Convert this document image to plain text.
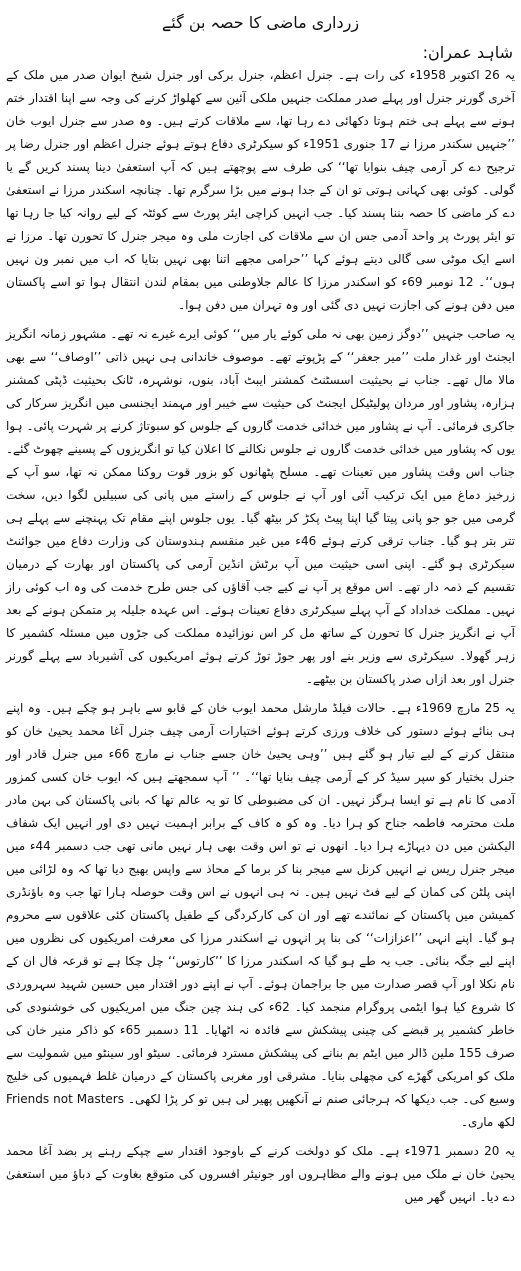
زرداری ماضی کا حصہ بن گئے
شاہد عمران:

یہ 26 اکتوبر 1958ء کی رات ہے۔ جنرل اعظم، جنرل برکی اور جنرل شیخ ایوان صدر میں ملک کے آخری گورنر جنرل اور پہلے صدر مملکت جنہیں ملکی آئین سے کھلواڑ کرنے کی وجہ سے اپنا اقتدار ختم ہونے سے پہلے ہی ختم ہوتا دکھائی دے رہا تھا، سے ملاقات کرتے ہیں۔ وہ صدر سے جنرل ایوب خان ’’جنہیں سکندر مرزا نے 17 جنوری 1951ء کو سیکرٹری دفاع ہوتے ہوئے جنرل اعظم اور جنرل رضا پر ترجیح دے کر آرمی چیف بنوایا تھا‘‘ کی طرف سے پوچھتے ہیں کہ آپ استعفیٰ دینا پسند کریں گے یا گولی۔ کوئی بھی کہانی ہوتی تو ان کے جدا ہونے میں بڑا سرگرم تھا۔ چنانچہ اسکندر مرزا نے استعفیٰ دے کر ماضی کا حصہ بننا پسند کیا۔ جب انہیں کراچی ایئر پورٹ سے کوئٹہ کے لیے روانہ کیا جا رہا تھا تو ایئر پورٹ پر واحد آدمی جس ان سے ملاقات کی اجازت ملی وہ میجر جنرل کا تحورن تھا۔ مرزا نے اسے ایک موٹی سی گالی دیتے ہوئے کہا ’’حرامی مجھے اتنا بھی نہیں بتایا کہ اب میں نمبر ون نہیں ہوں‘‘۔ 12 نومبر 69ء کو اسکندر مرزا کا عالم جلاوطنی میں بمقام لندن انتقال ہوا تو اسے پاکستان میں دفن ہونے کی اجازت نہیں دی گئی اور وہ تہران میں دفن ہوا۔

یہ صاحب جنہیں ’’دوگز زمین بھی نہ ملی کوئے یار میں‘‘ کوئی ایرے غیرے نہ تھے۔ مشہور زمانہ انگریز ایجنٹ اور غدار ملت ’’میر جعفر‘‘ کے پڑپوتے تھے۔ موصوف خاندانی ہی نہیں ذاتی ’’اوصاف‘‘ سے بھی مالا مال تھے۔ جناب نے بحیثیت اسسٹنٹ کمشنر ایبٹ آباد، بنوں، نوشہرہ، ٹانک بحیثیت ڈپٹی کمشنر ہزارہ، پشاور اور مردان پولیٹیکل ایجنٹ کی حیثیت سے خیبر اور مہمند ایجنسی میں انگریز سرکار کی جاکری فرمائی۔ آپ نے پشاور میں خدائی خدمت گاروں کے جلوس کو سبوتاژ کرنے پر شہرت پائی۔ ہوا یوں کہ پشاور میں خدائی خدمت گاروں نے جلوس نکالنے کا اعلان کیا تو انگریزوں کے پسینے چھوٹ گئے۔ جناب اس وقت پشاور میں تعینات تھے۔ مسلح پٹھانوں کو بزور قوت روکنا ممکن نہ تھا، سو آپ کے زرخیز دماغ میں ایک ترکیب آئی اور آپ نے جلوس کے راستے میں پانی کی سبیلیں لگوا دیں، سخت گرمی میں جو جو پانی پیتا گیا اپنا پیٹ پکڑ کر بیٹھ گیا۔ یوں جلوس اپنے مقام تک پہنچنے سے پہلے ہی تتر بتر ہو گیا۔ جناب ترقی کرتے ہوئے 46ء میں غیر منقسم ہندوستان کی وزارت دفاع میں جوائنٹ سیکرٹری ہو گئے۔ اپنی اسی حیثیت میں آپ برٹش انڈین آرمی کی پاکستان اور بھارت کے درمیان تقسیم کے ذمہ دار تھے۔ اس موقع پر آپ نے کیے جب آقاؤں کی جس طرح خدمت کی وہ اب کوئی راز نہیں۔ مملکت خداداد کے آپ پہلے سیکرٹری دفاع تعینات ہوئے۔ اس عہدہ جلیلہ پر متمکن ہونے کے بعد آپ نے انگریز جنرل کا تحورن کے ساتھ مل کر اس نوزائیدہ مملکت کی جڑوں میں مسئلہ کشمیر کا زہر گھولا۔ سیکرٹری سے وزیر بنے اور پھر جوڑ توڑ کرتے ہوئے امریکیوں کی آشیرباد سے پہلے گورنر جنرل اور بعد ازاں صدر پاکستان بن بیٹھے۔

یہ 25 مارچ 1969ء ہے۔ حالات فیلڈ مارشل محمد ایوب خان کے قابو سے باہر ہو چکے ہیں۔ وہ اپنے ہی بنائے ہوئے دستور کی خلاف ورزی کرتے ہوئے اختیارات آرمی چیف جنرل آغا محمد یحییٰ خان کو منتقل کرنے کے لیے تیار ہو گئے ہیں ’’وہی یحییٰ خان جسے جناب نے مارچ 66ء میں جنرل قادر اور جنرل بختیار کو سپر سیڈ کر کے آرمی چیف بنایا تھا‘‘۔ ’’ آپ سمجھتے ہیں کہ ایوب خان کسی کمزور آدمی کا نام ہے تو ایسا ہرگز نہیں۔ ان کی مضبوطی کا تو یہ عالم تھا کہ بانی پاکستان کی بہن مادر ملت محترمہ فاطمہ جناح کو ہرا دیا۔ وہ کو ہ کاف کے برابر اہمیت نہیں دی اور انہیں ایک شفاف الیکشن میں دن دیہاڑے ہرا دیا۔ انھوں نے تو اس وقت بھی ہار نہیں مانی تھی جب دسمبر 44ء میں میجر جنرل ریس نے انہیں کرنل سے میجر بنا کر برما کے محاذ سے واپس بھیج دیا تھا کہ وہ لڑائی میں اپنی پلٹن کی کمان کے لیے فٹ نہیں ہیں۔ نہ ہی انہوں نے اس وقت حوصلہ ہارا تھا جب وہ باؤنڈری کمیشن میں پاکستان کے نمائندے تھے اور ان کی کارکردگی کے طفیل پاکستان کئی علاقوں سے محروم ہو گیا۔ اپنے انہی ’’اعزازات‘‘ کی بنا پر انہوں نے اسکندر مرزا کی معرفت امریکیوں کی نظروں میں اپنے لیے جگہ بنائی۔ جب یہ طے ہو گیا کہ اسکندر مرزا کا ’’کارتوس‘‘ چل چکا ہے تو قرعہ فال ان کے نام نکلا اور آپ قصر صدارت میں جا براجمان ہوئے۔ آپ نے اپنے دور اقتدار میں حسین شہید سہروردی کا شروع کیا ہوا ایٹمی پروگرام منجمد کیا۔ 62ء کی ہند چین جنگ میں امریکیوں کی خوشنودی کی خاطر کشمیر پر قبضے کی چینی پیشکش سے فائدہ نہ اٹھایا۔ 11 دسمبر 65ء کو ذاکر منیر خان کی صرف 155 ملین ڈالر میں ایٹم بم بنانے کی پیشکش مسترد فرمائی۔ سیٹو اور سینٹو میں شمولیت سے ملک کو امریکی گھڑے کی مچھلی بنایا۔ مشرقی اور مغربی پاکستان کے درمیان غلط فہمیوں کی خلیج وسیع کی۔ جب دیکھا کہ ہرجائی صنم نے آنکھیں پھیر لی ہیں تو کر پڑا لکھی۔ Friends not Masters لکھ ماری۔

یہ 20 دسمبر 1971ء ہے۔ ملک کو دولخت کرنے کے باوجود اقتدار سے چپکے رہنے پر بضد آغا محمد یحییٰ خان نے ملک میں ہونے والے مظاہروں اور جونیئر افسروں کی متوقع بغاوت کے دباؤ میں استعفیٰ دے دیا۔ انہیں گھر میں
